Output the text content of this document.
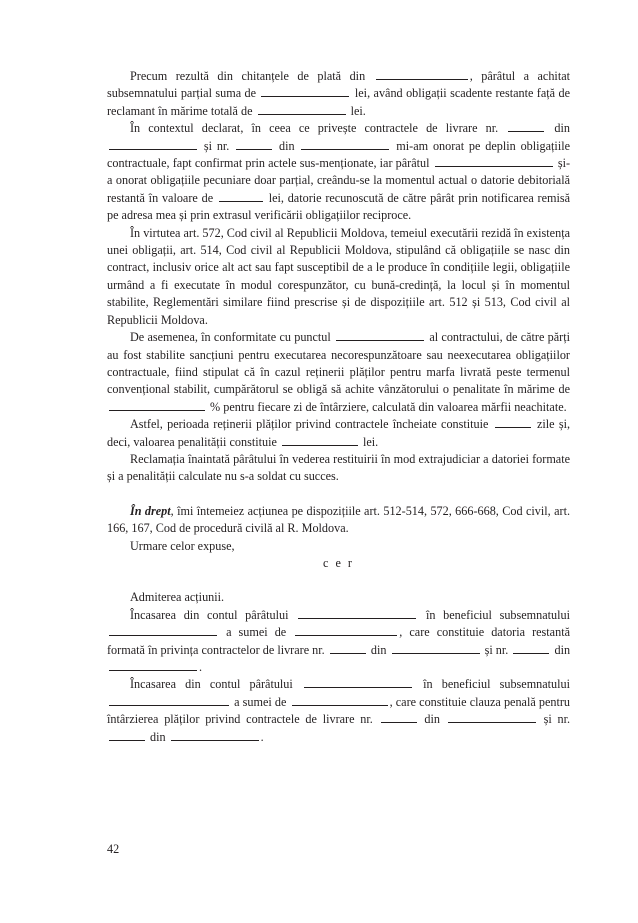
Precum rezultă din chitanțele de plată din	, pârâtul a achitat subsemnatului parțial suma de	lei, având obligații scadente restante față de reclamant în mărime totală de	lei.

În contextul declarat, în ceea ce privește contractele de livrare nr.	din  și nr.	din	mi-am onorat pe deplin obligațiile contractuale, fapt confirmat prin actele sus-menționate, iar pârâtul	și-a onorat obligațiile pecuniare doar parțial, creându-se la momentul actual o datorie debitorială restantă în valoare de	lei, datorie recunoscută de către pârât prin notificarea remisă pe adresa mea și prin extrasul verificării obligațiilor reciproce.

În virtutea art. 572, Cod civil al Republicii Moldova, temeiul executării rezidă în existența unei obligații, art. 514, Cod civil al Republicii Moldova, stipulând că obligațiile se nasc din contract, inclusiv orice alt act sau fapt susceptibil de a le produce în condițiile legii, obligațiile urmând a fi executate în modul corespunzător, cu bună-credință, la locul și în momentul stabilite, Reglementări similare fiind prescrise și de dispozițiile art. 512 și 513, Cod civil al Republicii Moldova.

De asemenea, în conformitate cu punctul	al contractului, de către părți au fost stabilite sancțiuni pentru executarea necorespunzătoare sau neexecutarea obligațiilor contractuale, fiind stipulat că în cazul reținerii plăților pentru marfa livrată peste termenul convențional stabilit, cumpărătorul se obligă să achite vânzătorului o penalitate în mărime de  % pentru fiecare zi de întârziere, calculată din valoarea mărfii neachitate.

Astfel, perioada reținerii plăților privind contractele încheiate constituie	zile și, deci, valoarea penalității constituie	lei.

Reclamația înaintată pârâtului în vederea restituirii în mod extrajudiciar a datoriei formate și a penalității calculate nu s-a soldat cu succes.

În drept, îmi întemeiez acțiunea pe dispozițiile art. 512-514, 572, 666-668, Cod civil, art. 166, 167, Cod de procedură civilă al R. Moldova.

Urmare celor expuse,

c e r

Admiterea acțiunii.

Încasarea din contul pârâtului	în beneficiul subsemnatului  a sumei de	, care constituie datoria restantă formată în privința contractelor de livrare nr.	din	și nr.	din .

Încasarea din contul pârâtului	în beneficiul subsemnatului  a sumei de	, care constituie clauza penală pentru întârzierea plăților privind contractele de livrare nr.	din	și nr.  din	.

42
